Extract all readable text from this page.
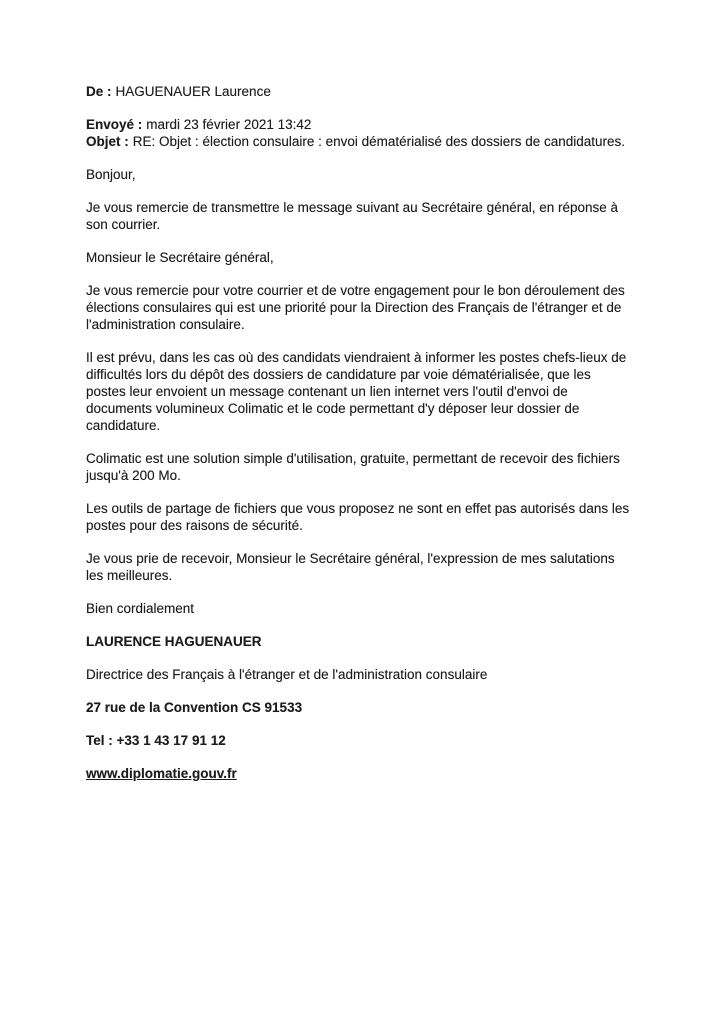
De : HAGUENAUER Laurence

Envoyé : mardi 23 février 2021 13:42

Objet : RE: Objet : élection consulaire : envoi dématérialisé des dossiers de candidatures.

Bonjour,

Je vous remercie de transmettre le message suivant au Secrétaire général, en réponse à son courrier.

Monsieur le Secrétaire général,

Je vous remercie pour votre courrier et de votre engagement pour le bon déroulement des élections consulaires qui est une priorité pour la Direction des Français de l'étranger et de l'administration consulaire.

Il est prévu, dans les cas où des candidats viendraient à informer les postes chefs-lieux de difficultés lors du dépôt des dossiers de candidature par voie dématérialisée, que les postes leur envoient un message contenant un lien internet vers l'outil d'envoi de documents volumineux Colimatic et le code permettant d'y déposer leur dossier de candidature.

Colimatic est une solution simple d'utilisation, gratuite, permettant de recevoir des fichiers jusqu'à 200 Mo.

Les outils de partage de fichiers que vous proposez ne sont en effet pas autorisés dans les postes pour des raisons de sécurité.

Je vous prie de recevoir, Monsieur le Secrétaire général, l'expression de mes salutations les meilleures.

Bien cordialement

LAURENCE HAGUENAUER

Directrice des Français à l'étranger et de l'administration consulaire

27 rue de la Convention CS 91533

Tel : +33 1 43 17 91 12

www.diplomatie.gouv.fr
